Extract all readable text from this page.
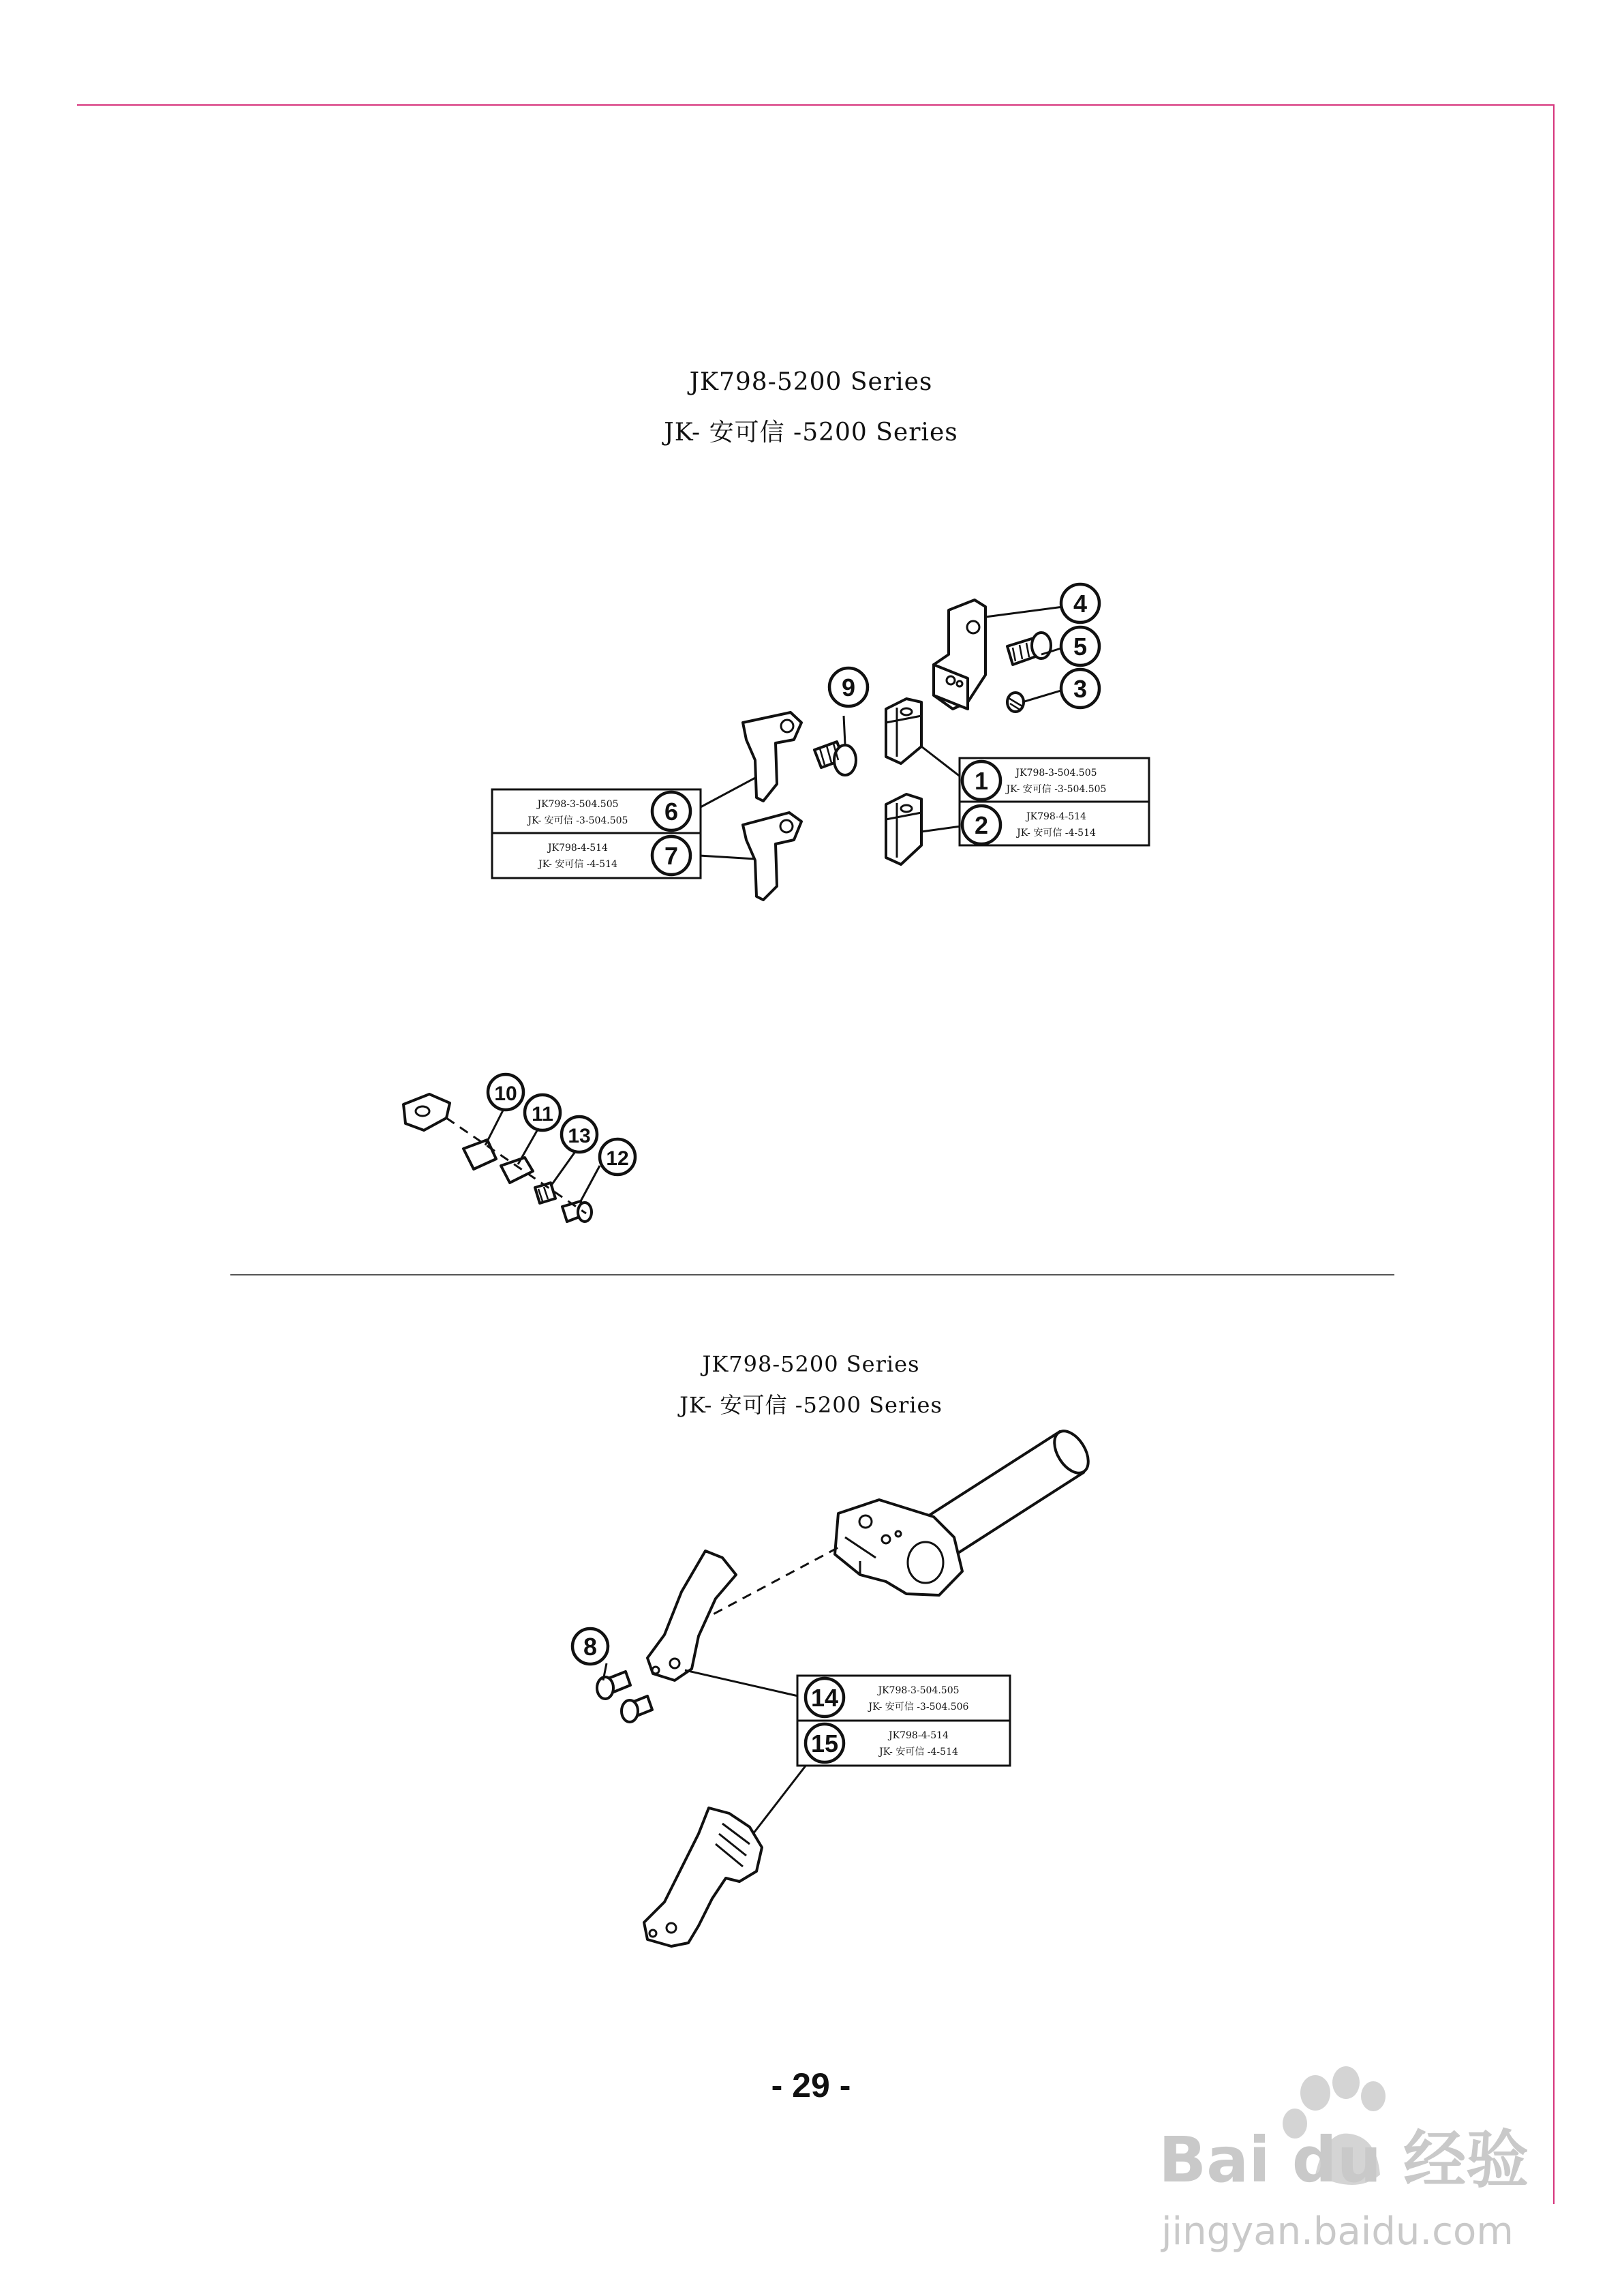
JK798-5200 Series
JK- 安可信 -5200 Series
JK798-5200 Series
JK- 安可信 -5200 Series
JK798-3-504.505
JK- 安可信 -3-504.505
JK798-4-514
JK- 安可信 -4-514
JK798-3-504.505
JK- 安可信 -3-504.505
JK798-4-514
JK- 安可信 -4-514
4
5
3
9
1
2
6
7
10
11
13
12
JK798-3-504.505
JK- 安可信 -3-504.506
JK798-4-514
JK- 安可信 -4-514
8
14
15
- 29 -
Bai du 经验
jingyan.baidu.com
